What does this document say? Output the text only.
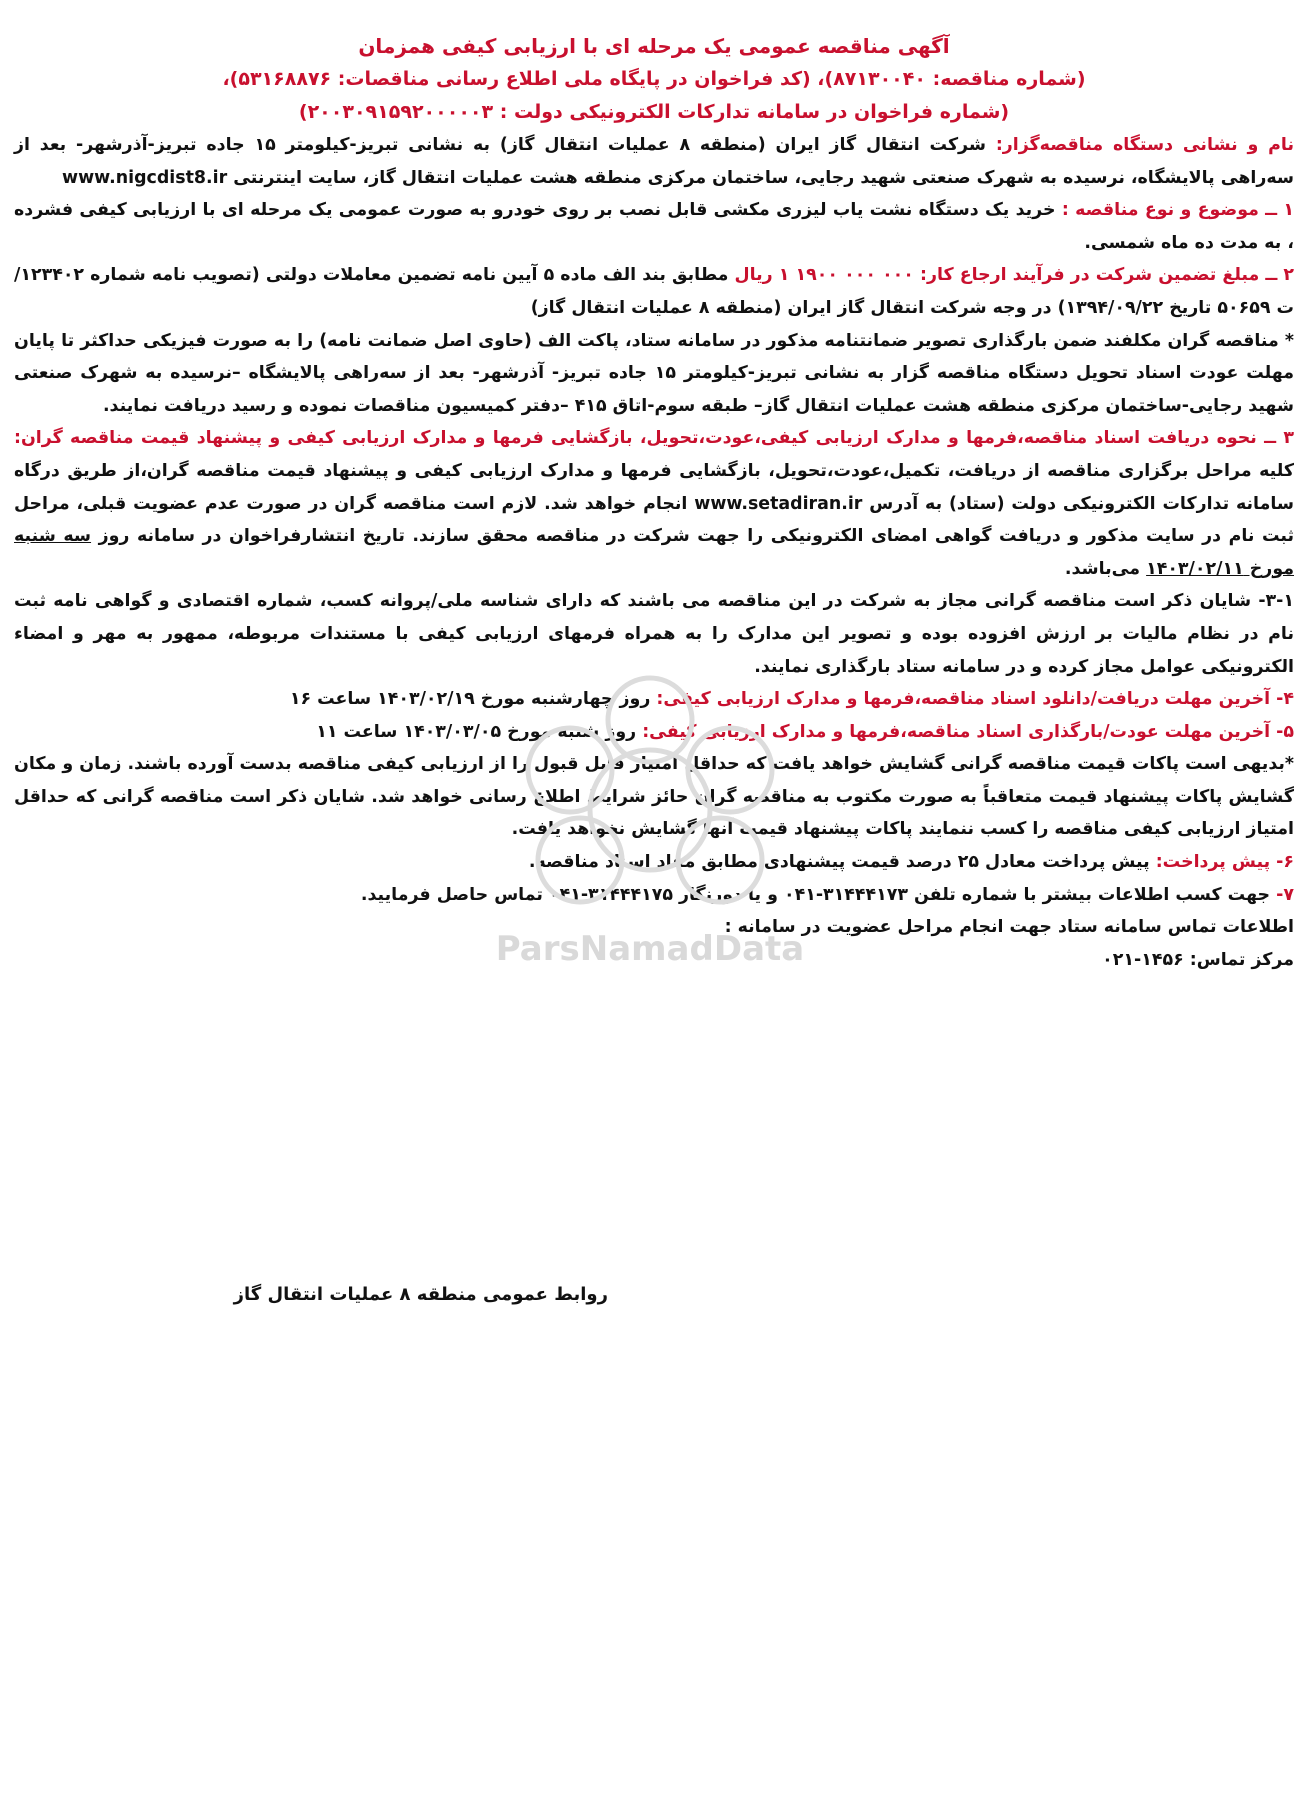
آگهی مناقصه عمومی یک مرحله ای با ارزیابی کیفی همزمان

(شماره مناقصه: ۸۷۱۳۰۰۴۰)، (کد فراخوان در پایگاه ملی اطلاع رسانی مناقصات: ۵۳۱۶۸۸۷۶)،

(شماره فراخوان در سامانه تدارکات الکترونیکی دولت : ۲۰۰۳۰۹۱۵۹۲۰۰۰۰۰۳)

نام و نشانی دستگاه مناقصه‌گزار: شرکت انتقال گاز ایران (منطقه ۸ عملیات انتقال گاز) به نشانی تبریز-کیلومتر ۱۵ جاده تبریز-آذرشهر- بعد از سه‌راهی پالایشگاه، نرسیده به شهرک صنعتی شهید رجایی، ساختمان مرکزی منطقه هشت عملیات انتقال گاز، سایت اینترنتی www.nigcdist8.ir

۱ ــ موضوع و نوع مناقصه : خرید یک دستگاه نشت یاب لیزری مکشی قابل نصب بر روی خودرو به صورت عمومی یک مرحله ای با ارزیابی کیفی فشرده ، به مدت ده ماه شمسی.

۲ ــ مبلغ تضمین شرکت در فرآیند ارجاع کار: ۰۰۰ ۰۰۰ ۱۹۰۰ ۱ ریال مطابق بند الف ماده ۵ آیین نامه تضمین معاملات دولتی (تصویب نامه شماره ۱۲۳۴۰۲/ت ۵۰۶۵۹ تاریخ ۱۳۹۴/۰۹/۲۲) در وجه شرکت انتقال گاز ایران (منطقه ۸ عملیات انتقال گاز)

* مناقصه گران مکلفند ضمن بارگذاری تصویر ضمانتنامه مذکور در سامانه ستاد، پاکت الف (حاوی اصل ضمانت نامه) را به صورت فیزیکی حداکثر تا پایان مهلت عودت اسناد تحویل دستگاه مناقصه گزار به نشانی تبریز-کیلومتر ۱۵ جاده تبریز- آذرشهر- بعد از سه‌راهی پالایشگاه –نرسیده به شهرک صنعتی شهید رجایی-ساختمان مرکزی منطقه هشت عملیات انتقال گاز– طبقه سوم-اتاق ۴۱۵ –دفتر کمیسیون مناقصات نموده و رسید دریافت نمایند.

۳ ــ نحوه دریافت اسناد مناقصه،فرمها و مدارک ارزیابی کیفی،عودت،تحویل، بازگشایی فرمها و مدارک ارزیابی کیفی و پیشنهاد قیمت مناقصه گران: کلیه مراحل برگزاری مناقصه از دریافت، تکمیل،عودت،تحویل، بازگشایی فرمها و مدارک ارزیابی کیفی و پیشنهاد قیمت مناقصه گران،از طریق درگاه سامانه تدارکات الکترونیکی دولت (ستاد) به آدرس www.setadiran.ir انجام خواهد شد. لازم است مناقصه گران در صورت عدم عضویت قبلی، مراحل ثبت نام در سایت مذکور و دریافت گواهی امضای الکترونیکی را جهت شرکت در مناقصه محقق سازند. تاریخ انتشارفراخوان در سامانه روز سه شنبه مورخ ۱۴۰۳/۰۲/۱۱ می‌باشد.

۳-۱- شایان ذکر است مناقصه گرانی مجاز به شرکت در این مناقصه می باشند که دارای شناسه ملی/پروانه کسب، شماره اقتصادی و گواهی نامه ثبت نام در نظام مالیات بر ارزش افزوده بوده و تصویر این مدارک را به همراه فرمهای ارزیابی کیفی با مستندات مربوطه، ممهور به مهر و امضاء الکترونیکی عوامل مجاز کرده و در سامانه ستاد بارگذاری نمایند.

۴- آخرین مهلت دریافت/دانلود اسناد مناقصه،فرمها و مدارک ارزیابی کیفی: روز چهارشنبه مورخ ۱۴۰۳/۰۲/۱۹ ساعت ۱۶

۵- آخرین مهلت عودت/بارگذاری اسناد مناقصه،فرمها و مدارک ارزیابی کیفی: روز شنبه مورخ ۱۴۰۳/۰۳/۰۵ ساعت ۱۱

*بدیهی است پاکات قیمت مناقصه گرانی گشایش خواهد یافت که حداقل امتیاز قابل قبول را از ارزیابی کیفی مناقصه بدست آورده باشند. زمان و مکان گشایش پاکات پیشنهاد قیمت متعاقباً به صورت مکتوب به مناقصه گران حائز شرایط اطلاع رسانی خواهد شد. شایان ذکر است مناقصه گرانی که حداقل امتیاز ارزیابی کیفی مناقصه را کسب ننمایند پاکات پیشنهاد قیمت آنها گشایش نخواهد یافت.

۶- پیش پرداخت: پیش پرداخت معادل ۲۵ درصد قیمت پیشنهادی مطابق مفاد اسناد مناقصه.

۷- جهت کسب اطلاعات بیشتر با شماره تلفن ۳۱۴۴۴۱۷۳-۰۴۱ و یا دورنگار ۳۱۴۴۴۱۷۵-۰۴۱ تماس حاصل فرمایید.

اطلاعات تماس سامانه ستاد جهت انجام مراحل عضویت در سامانه :

مرکز تماس: ۱۴۵۶-۰۲۱

روابط عمومی منطقه ۸ عملیات انتقال گاز
ParsNamadData
